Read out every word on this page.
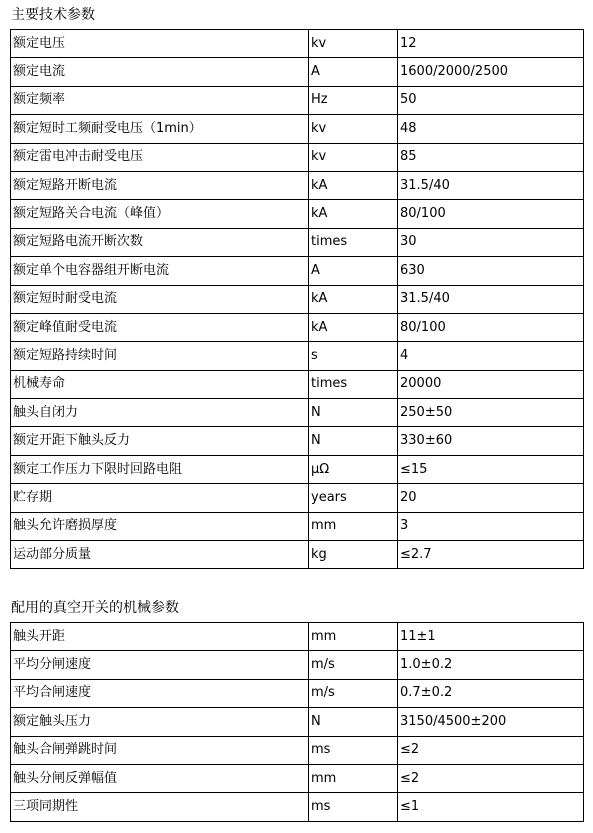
主要技术参数
额定电压	kv	12
额定电流	A	1600/2000/2500
额定频率	Hz	50
额定短时工频耐受电压（1min）	kv	48
额定雷电冲击耐受电压	kv	85
额定短路开断电流	kA	31.5/40
额定短路关合电流（峰值）	kA	80/100
额定短路电流开断次数	times	30
额定单个电容器组开断电流	A	630
额定短时耐受电流	kA	31.5/40
额定峰值耐受电流	kA	80/100
额定短路持续时间	s	4
机械寿命	times	20000
触头自闭力	N	250±50
额定开距下触头反力	N	330±60
额定工作压力下限时回路电阻	μΩ	≤15
贮存期	years	20
触头允许磨损厚度	mm	3
运动部分质量	kg	≤2.7
配用的真空开关的机械参数
触头开距	mm	11±1
平均分闸速度	m/s	1.0±0.2
平均合闸速度	m/s	0.7±0.2
额定触头压力	N	3150/4500±200
触头合闸弹跳时间	ms	≤2
触头分闸反弹幅值	mm	≤2
三项同期性	ms	≤1
